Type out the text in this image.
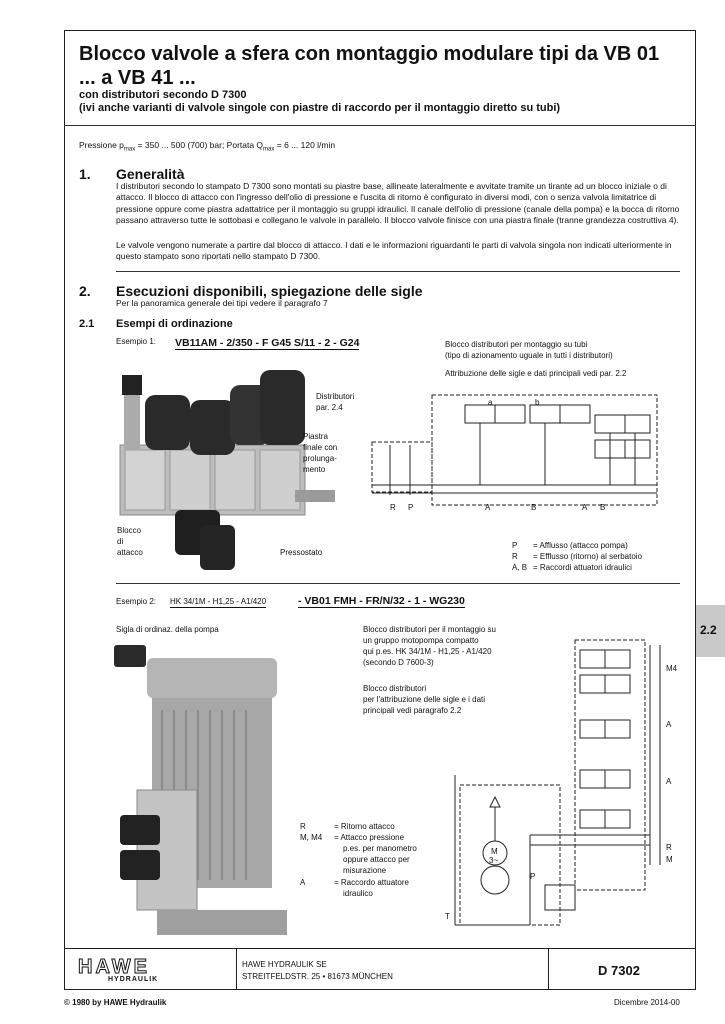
Blocco valvole a sfera con montaggio modulare tipi da VB 01 ... a VB 41 ...
con distributori secondo D 7300
(ivi anche varianti di valvole singole con piastre di raccordo per il montaggio diretto su tubi)
Pressione $p_{max} = 350$ ... 500 (700) bar; Portata $Q_{max} = 6$ ... 120 l/min
1. Generalità
I distributori secondo lo stampato D 7300 sono montati su piastre base, allineate lateralmente e avvitate tramite un tirante ad un blocco iniziale o di attacco. Il blocco di attacco con l'ingresso dell'olio di pressione e l'uscita di ritorno è configurato in diversi modi, con o senza valvola limitatrice di pressione oppure come piastra adattatrice per il montaggio su gruppi idraulici. Il canale dell'olio di pressione (canale della pompa) e la bocca di ritorno passano attraverso tutte le sottobasi e collegano le valvole in parallelo. Il blocco valvole finisce con una piastra finale (tranne grandezza costruttiva 4).
Le valvole vengono numerate a partire dal blocco di attacco. I dati e le informazioni riguardanti le parti di valvola singola non indicati ulteriormente in questo stampato sono riportati nello stampato D 7300.
2. Esecuzioni disponibili, spiegazione delle sigle
Per la panoramica generale dei tipi vedere il paragrafo 7
2.1 Esempi di ordinazione
Esempio 1: VB11AM - 2/350 - F G45 S/11 - 2 - G24	Blocco distributori per montaggio su tubi
(tipo di azionamento uguale in tutti i distributori)
Attribuzione delle sigle e dati principali vedi par. 2.2
Distributori
par. 2.4
Piastra
finale con
prolunga-
mento
Blocco
di
attacco	Pressostato
a	b
R P	A	B	A B
P	= Afflusso (attacco pompa)
R = Efflusso (ritorno) al serbatoio
A, B = Raccordi attuatori idraulici
Esempio 2: HK 34/1M - H1,25 - A1/420	- VB01 FMH - FR/N/32 - 1 - WG230
Sigla di ordinaz. della pompa	Blocco distributori per il montaggio su
un gruppo motopompa compatto
qui p.es. HK 34/1M - H1,25 - A1/420
(secondo D 7600-3)
Blocco distributori
per l'attribuzione delle sigle e i dati
principali vedi paragrafo 2.2
M4
A
A
R
M
P
T
M
3~
R	= Ritorno attacco
M, M4 = Attacco pressione
p.es. per manometro
oppure attacco per
misurazione
A	= Raccordo attuatore
idraulico
2.2
HAWE
HYDRAULIK
HAWE HYDRAULIK SE
STREITFELDSTR. 25 • 81673 MÜNCHEN	D 7302
© 1980 by HAWE Hydraulik	Dicembre 2014-00
